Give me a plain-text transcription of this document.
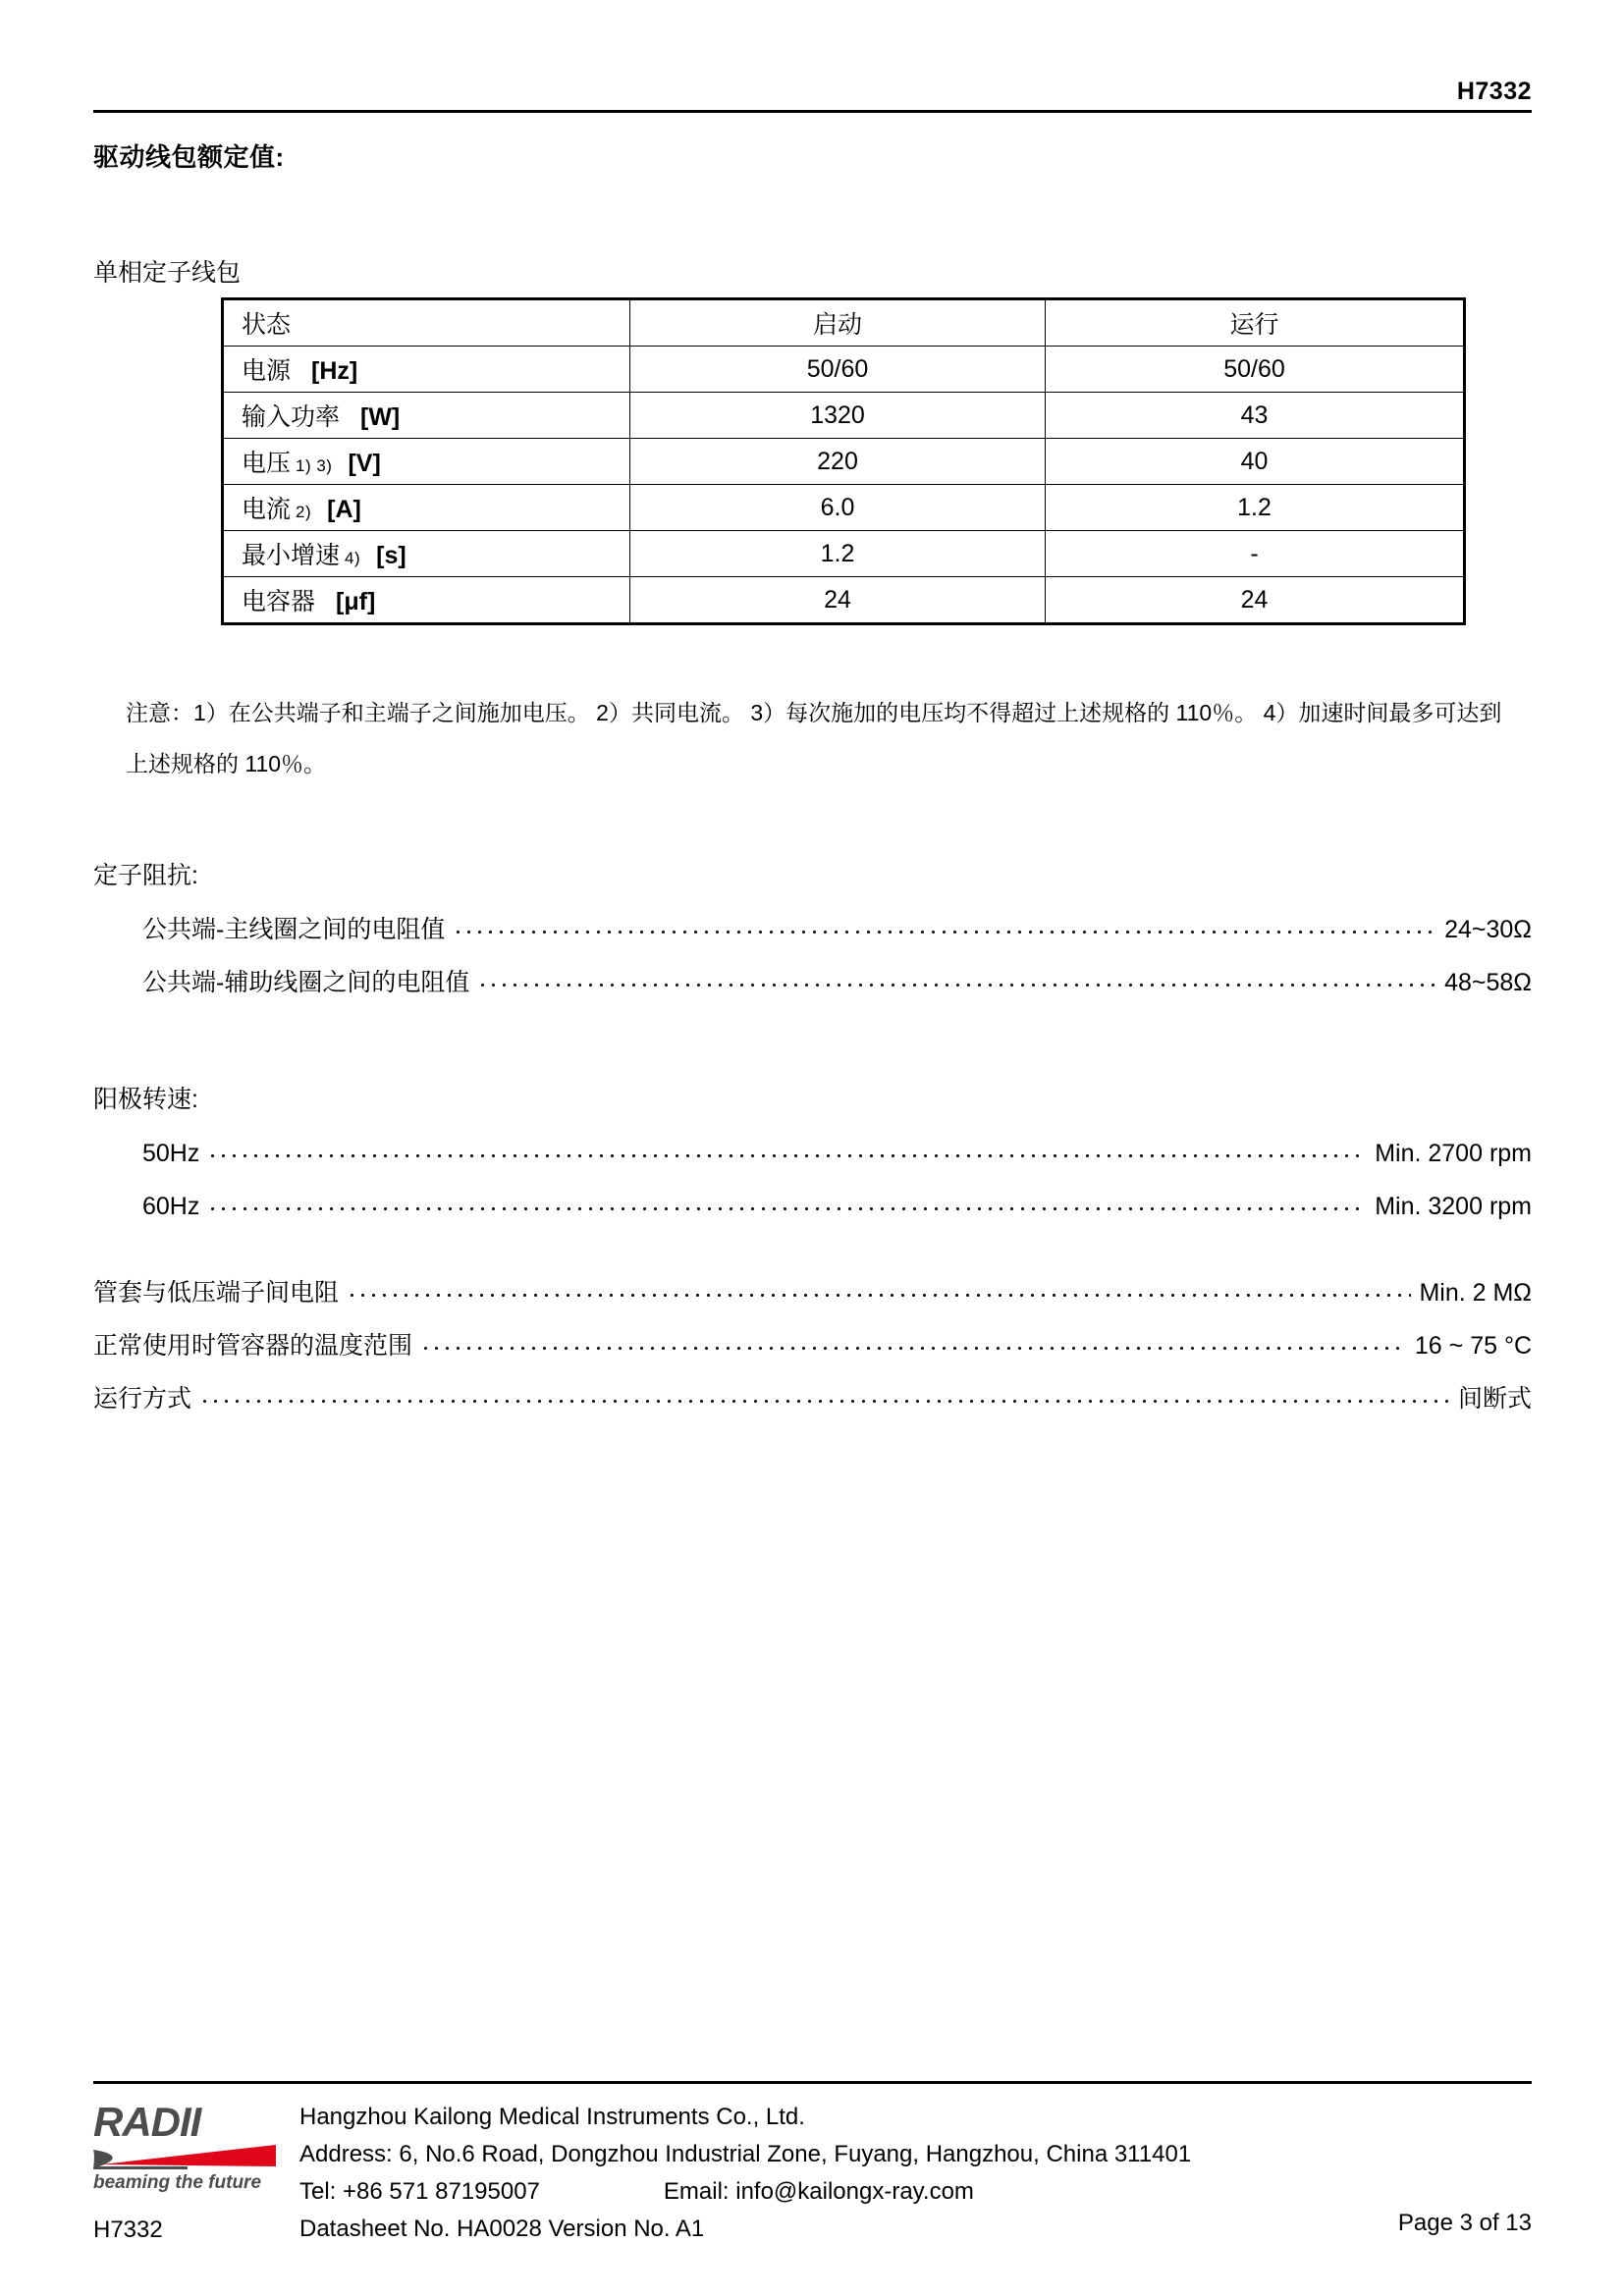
H7332
驱动线包额定值:
单相定子线包
状态	启动	运行
电源 [Hz]	50/60	50/60
输入功率 [W]	1320	43
电压 1) 3) [V]	220	40
电流 2) [A]	6.0	1.2
最小增速 4) [s]	1.2	-
电容器 [μf]	24	24
注意：1）在公共端子和主端子之间施加电压。 2）共同电流。 3）每次施加的电压均不得超过上述规格的 110％。 4）加速时间最多可达到上述规格的 110％。
定子阻抗:
公共端-主线圈之间的电阻值	24~30Ω
公共端-辅助线圈之间的电阻值	48~58Ω
阳极转速:
50Hz	Min. 2700 rpm
60Hz	Min. 3200 rpm
管套与低压端子间电阻	Min. 2 MΩ
正常使用时管容器的温度范围	16 ~ 75 °C
运行方式	间断式
RADII
beaming the future
H7332
Hangzhou Kailong Medical Instruments Co., Ltd.
Address: 6, No.6 Road, Dongzhou Industrial Zone, Fuyang, Hangzhou, China 311401
Tel: +86 571 87195007	Email: info@kailongx-ray.com
Datasheet No. HA0028 Version No. A1	Page 3 of 13
